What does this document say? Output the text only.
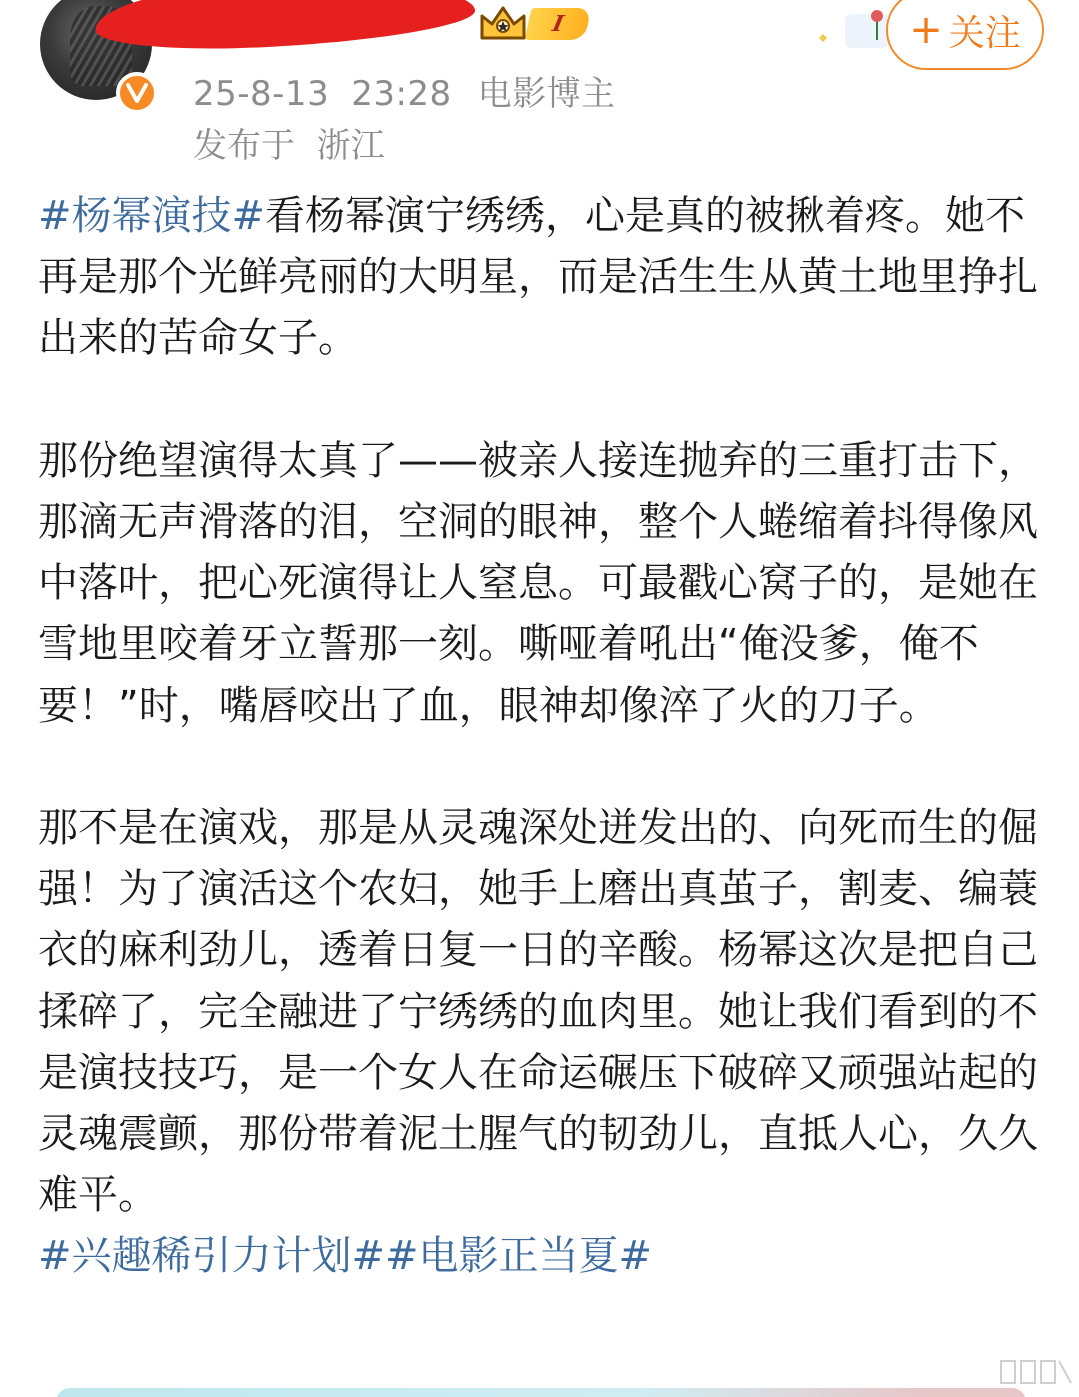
I
25-8-13 23:28 电影博主
发布于 浙江
+ 关注
#杨幂演技#看杨幂演宁绣绣，心是真的被揪着疼。她不再是那个光鲜亮丽的大明星，而是活生生从黄土地里挣扎出来的苦命女子。
那份绝望演得太真了——被亲人接连抛弃的三重打击下，那滴无声滑落的泪，空洞的眼神，整个人蜷缩着抖得像风中落叶，把心死演得让人窒息。可最戳心窝子的，是她在雪地里咬着牙立誓那一刻。嘶哑着吼出“俺没爹，俺不要！”时，嘴唇咬出了血，眼神却像淬了火的刀子。
那不是在演戏，那是从灵魂深处迸发出的、向死而生的倔强！为了演活这个农妇，她手上磨出真茧子，割麦、编蓑衣的麻利劲儿，透着日复一日的辛酸。杨幂这次是把自己揉碎了，完全融进了宁绣绣的血肉里。她让我们看到的不是演技技巧，是一个女人在命运碾压下破碎又顽强站起的灵魂震颤，那份带着泥土腥气的韧劲儿，直抵人心，久久难平。
#兴趣稀引力计划##电影正当夏#
